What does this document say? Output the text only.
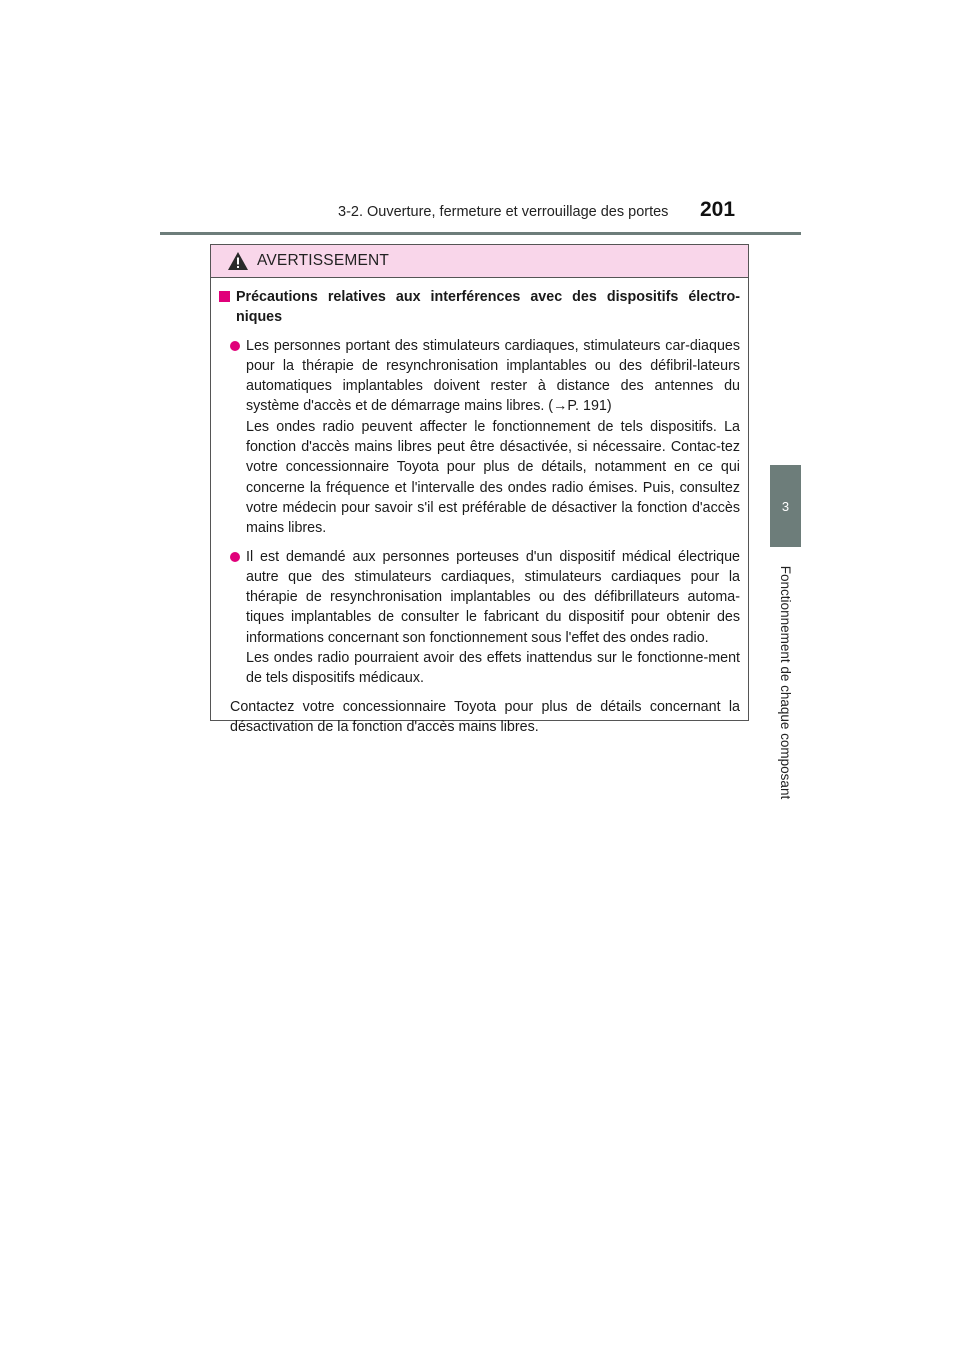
3-2. Ouverture, fermeture et verrouillage des portes 201
3
Fonctionnement de chaque composant
AVERTISSEMENT
Précautions relatives aux interférences avec des dispositifs électro-niques

Les personnes portant des stimulateurs cardiaques, stimulateurs car-diaques pour la thérapie de resynchronisation implantables ou des défibril-lateurs automatiques implantables doivent rester à distance des antennes du système d'accès et de démarrage mains libres. (→P. 191)

Les ondes radio peuvent affecter le fonctionnement de tels dispositifs. La fonction d'accès mains libres peut être désactivée, si nécessaire. Contac-tez votre concessionnaire Toyota pour plus de détails, notamment en ce qui concerne la fréquence et l'intervalle des ondes radio émises. Puis, consultez votre médecin pour savoir s'il est préférable de désactiver la fonction d'accès mains libres.

Il est demandé aux personnes porteuses d'un dispositif médical électrique autre que des stimulateurs cardiaques, stimulateurs cardiaques pour la thérapie de resynchronisation implantables ou des défibrillateurs automa-tiques implantables de consulter le fabricant du dispositif pour obtenir des informations concernant son fonctionnement sous l'effet des ondes radio.

Les ondes radio pourraient avoir des effets inattendus sur le fonctionne-ment de tels dispositifs médicaux.

Contactez votre concessionnaire Toyota pour plus de détails concernant la désactivation de la fonction d'accès mains libres.
